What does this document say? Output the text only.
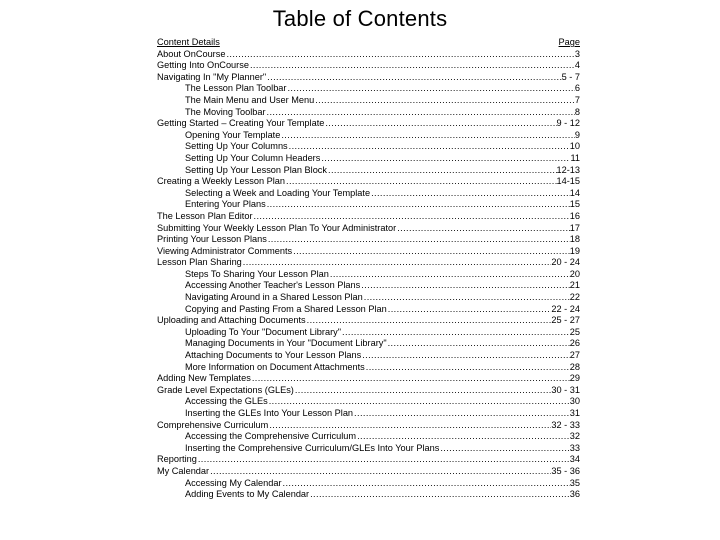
Table of Contents
Content Details	Page
About OnCourse .....	3
Getting Into OnCourse .....	4
Navigating In "My Planner" .....	5 - 7
The Lesson Plan Toolbar .....	6
The Main Menu and User Menu .....	7
The Moving Toolbar .....	8
Getting Started – Creating Your Template .....	9 - 12
Opening Your Template .....	9
Setting Up Your Columns .....	10
Setting Up Your Column Headers .....	11
Setting Up Your Lesson Plan Block .....	12-13
Creating a Weekly Lesson Plan .....	14-15
Selecting a Week and Loading Your Template .....	14
Entering Your Plans .....	15
The Lesson Plan Editor .....	16
Submitting Your Weekly Lesson Plan To Your Administrator .....	17
Printing Your Lesson Plans .....	18
Viewing Administrator Comments .....	19
Lesson Plan Sharing .....	20 - 24
Steps To Sharing Your Lesson Plan .....	20
Accessing Another Teacher's Lesson Plans .....	21
Navigating Around in a Shared Lesson Plan .....	22
Copying and Pasting From a Shared Lesson Plan .....	22 - 24
Uploading and Attaching Documents .....	25 - 27
Uploading To Your "Document Library" .....	25
Managing Documents in Your "Document Library" .....	26
Attaching Documents to Your Lesson Plans .....	27
More Information on Document Attachments .....	28
Adding New Templates .....	29
Grade Level Expectations (GLEs) .....	30 - 31
Accessing the GLEs .....	30
Inserting the GLEs Into Your Lesson Plan .....	31
Comprehensive Curriculum .....	32 - 33
Accessing the Comprehensive Curriculum .....	32
Inserting the Comprehensive Curriculum/GLEs Into Your Plans .....	33
Reporting .....	34
My Calendar .....	35 - 36
Accessing My Calendar .....	35
Adding Events to My Calendar .....	36
